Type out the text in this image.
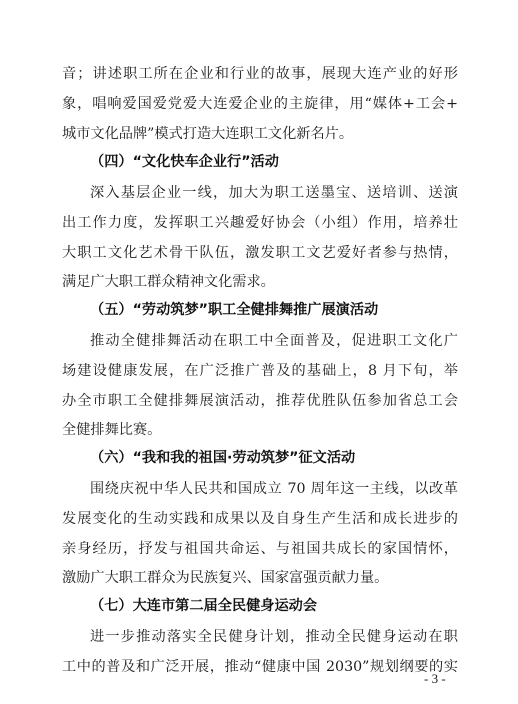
音；讲述职工所在企业和行业的故事，展现大连产业的好形
象，唱响爱国爱党爱大连爱企业的主旋律，用“媒体+工会+
城市文化品牌”模式打造大连职工文化新名片。
（四）“文化快车企业行”活动
深入基层企业一线，加大为职工送墨宝、送培训、送演
出工作力度，发挥职工兴趣爱好协会（小组）作用，培养壮
大职工文化艺术骨干队伍，激发职工文艺爱好者参与热情，
满足广大职工群众精神文化需求。
（五）“劳动筑梦”职工全健排舞推广展演活动
推动全健排舞活动在职工中全面普及，促进职工文化广
场建设健康发展，在广泛推广普及的基础上，8 月下旬，举
办全市职工全健排舞展演活动，推荐优胜队伍参加省总工会
全健排舞比赛。
（六）“我和我的祖国·劳动筑梦”征文活动
围绕庆祝中华人民共和国成立 70 周年这一主线，以改革
发展变化的生动实践和成果以及自身生产生活和成长进步的
亲身经历，抒发与祖国共命运、与祖国共成长的家国情怀，
激励广大职工群众为民族复兴、国家富强贡献力量。
（七）大连市第二届全民健身运动会
进一步推动落实全民健身计划，推动全民健身运动在职
工中的普及和广泛开展，推动“健康中国 2030”规划纲要的实
- 3 -
